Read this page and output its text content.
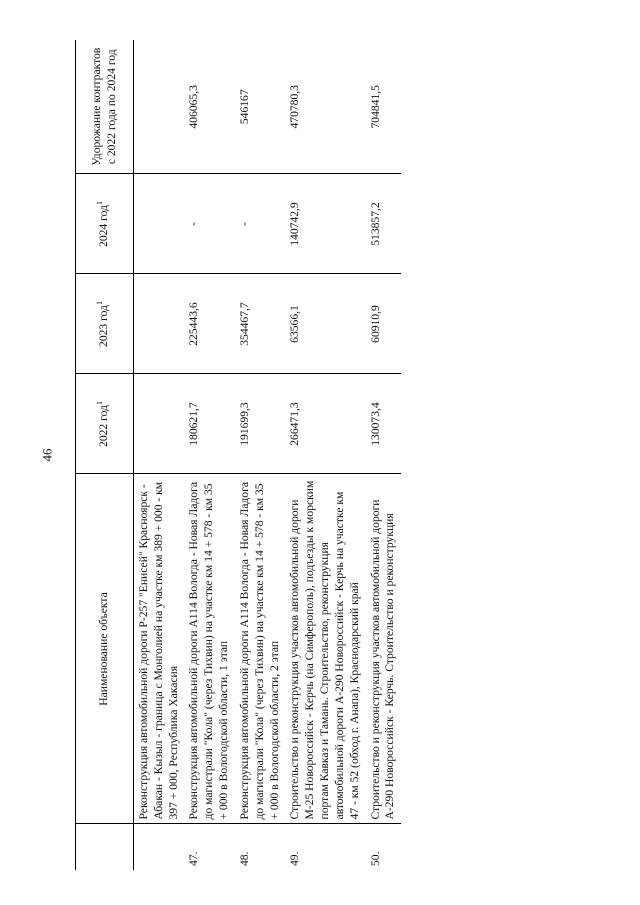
46
	Наименование объекта	2022 год$^1$	2023 год$^1$	2024 год$^1$	Удорожание контрактов с 2022 года по 2024 год
	Реконструкция автомобильной дороги Р-257 "Енисей" Красноярск - Абакан - Кызыл - граница с Монголией на участке км 389 + 000 - км 397 + 000, Республика Хакасия				
47.	Реконструкция автомобильной дороги А114 Вологда - Новая Ладога до магистрали "Кола" (через Тихвин) на участке км 14 + 578 - км 35 + 000 в Вологодской области, 1 этап	180621,7	225443,6	-	406065,3
48.	Реконструкция автомобильной дороги А114 Вологда - Новая Ладога до магистрали "Кола" (через Тихвин) на участке км 14 + 578 - км 35 + 000 в Вологодской области, 2 этап	191699,3	354467,7	-	546167
49.	Строительство и реконструкция участков автомобильной дороги М-25 Новороссийск - Керчь (на Симферополь), подъезды к морским портам Кавказ и Тамань. Строительство, реконструкция автомобильной дороги А-290 Новороссийск - Керчь на участке км 47 - км 52 (обход г. Анапа), Краснодарский край	266471,3	63566,1	140742,9	470780,3
50.	Строительство и реконструкция участков автомобильной дороги А-290 Новороссийск - Керчь. Строительство и реконструкция	130073,4	60910,9	513857,2	704841,5
